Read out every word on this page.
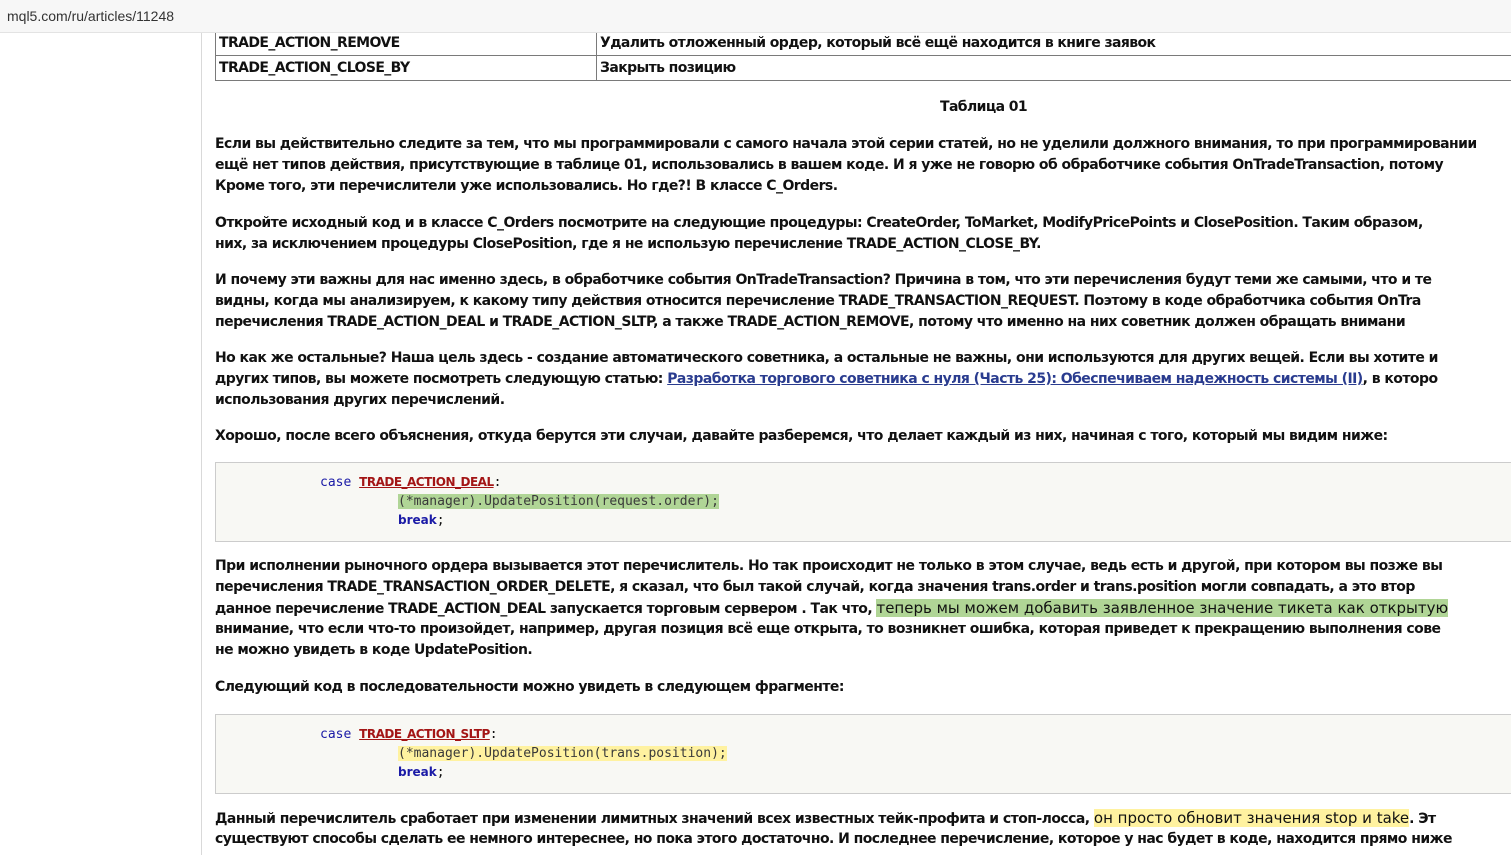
mql5.com/ru/articles/11248
TRADE_ACTION_REMOVE	Удалить отложенный ордер, который всё ещё находится в книге заявок
TRADE_ACTION_CLOSE_BY	Закрыть позицию
Таблица 01
Если вы действительно следите за тем, что мы программировали с самого начала этой серии статей, но не уделили должного внимания, то при программировании
ещё нет типов действия, присутствующие в таблице 01, использовались в вашем коде. И я уже не говорю об обработчике события OnTradeTransaction, потому
Кроме того, эти перечислители уже использовались. Но где?! В классе C_Orders.
Откройте исходный код и в классе C_Orders посмотрите на следующие процедуры: CreateOrder, ToMarket, ModifyPricePoints и ClosePosition. Таким образом,
них, за исключением процедуры ClosePosition, где я не использую перечисление TRADE_ACTION_CLOSE_BY.
И почему эти важны для нас именно здесь, в обработчике события OnTradeTransaction? Причина в том, что эти перечисления будут теми же самыми, что и те
видны, когда мы анализируем, к какому типу действия относится перечисление TRADE_TRANSACTION_REQUEST. Поэтому в коде обработчика события OnTra
перечисления TRADE_ACTION_DEAL и TRADE_ACTION_SLTP, а также TRADE_ACTION_REMOVE, потому что именно на них советник должен обращать внимани
Но как же остальные? Наша цель здесь - создание автоматического советника, а остальные не важны, они используются для других вещей. Если вы хотите и
других типов, вы можете посмотреть следующую статью: Разработка торгового советника с нуля (Часть 25): Обеспечиваем надежность системы (II), в которо
использования других перечислений.
Хорошо, после всего объяснения, откуда берутся эти случаи, давайте разберемся, что делает каждый из них, начиная с того, который мы видим ниже:
case TRADE_ACTION_DEAL:
(*manager).UpdatePosition(request.order);
break;
При исполнении рыночного ордера вызывается этот перечислитель. Но так происходит не только в этом случае, ведь есть и другой, при котором вы позже вы
перечисления TRADE_TRANSACTION_ORDER_DELETE, я сказал, что был такой случай, когда значения trans.order и trans.position могли совпадать, а это втор
данное перечисление TRADE_ACTION_DEAL запускается торговым сервером . Так что, теперь мы можем добавить заявленное значение тикета как открытую
внимание, что если что-то произойдет, например, другая позиция всё еще открыта, то возникнет ошибка, которая приведет к прекращению выполнения сове
не можно увидеть в коде UpdatePosition.
Следующий код в последовательности можно увидеть в следующем фрагменте:
case TRADE_ACTION_SLTP:
(*manager).UpdatePosition(trans.position);
break;
Данный перечислитель сработает при изменении лимитных значений всех известных тейк-профита и стоп-лосса, он просто обновит значения stop и take. Эт
существуют способы сделать ее немного интереснее, но пока этого достаточно. И последнее перечисление, которое у нас будет в коде, находится прямо ниже
